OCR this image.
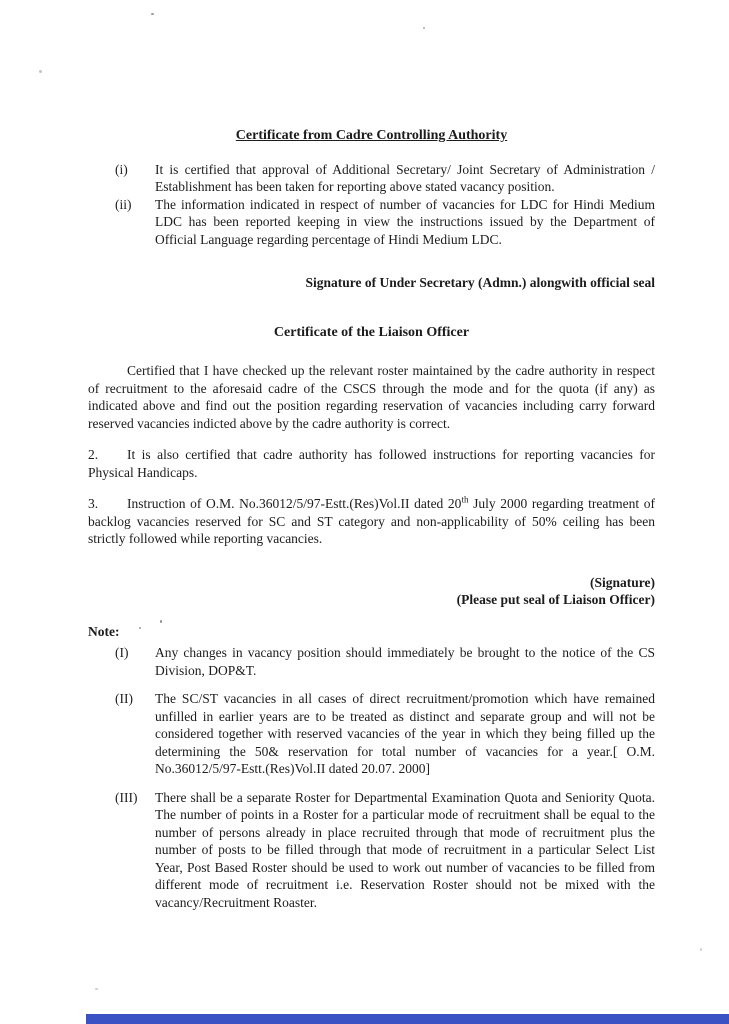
Certificate from Cadre Controlling Authority
(i)	It is certified that approval of Additional Secretary/ Joint Secretary of Administration / Establishment has been taken for reporting above stated vacancy position.
(ii)	The information indicated in respect of number of vacancies for LDC for Hindi Medium LDC has been reported keeping in view the instructions issued by the Department of Official Language regarding percentage of Hindi Medium LDC.
Signature of Under Secretary (Admn.) alongwith official seal
Certificate of the Liaison Officer

Certified that I have checked up the relevant roster maintained by the cadre authority in respect of recruitment to the aforesaid cadre of the CSCS through the mode and for the quota (if any) as indicated above and find out the position regarding reservation of vacancies including carry forward reserved vacancies indicted above by the cadre authority is correct.

2. It is also certified that cadre authority has followed instructions for reporting vacancies for Physical Handicaps.

3. Instruction of O.M. No.36012/5/97-Estt.(Res)Vol.II dated 20th July 2000 regarding treatment of backlog vacancies reserved for SC and ST category and non-applicability of 50% ceiling has been strictly followed while reporting vacancies.

(Signature)
(Please put seal of Liaison Officer)
Note:
(I)	Any changes in vacancy position should immediately be brought to the notice of the CS Division, DOP&T.
(II)	The SC/ST vacancies in all cases of direct recruitment/promotion which have remained unfilled in earlier years are to be treated as distinct and separate group and will not be considered together with reserved vacancies of the year in which they being filled up the determining the 50& reservation for total number of vacancies for a year.[ O.M. No.36012/5/97-Estt.(Res)Vol.II dated 20.07. 2000]
(III)	There shall be a separate Roster for Departmental Examination Quota and Seniority Quota. The number of points in a Roster for a particular mode of recruitment shall be equal to the number of persons already in place recruited through that mode of recruitment plus the number of posts to be filled through that mode of recruitment in a particular Select List Year, Post Based Roster should be used to work out number of vacancies to be filled from different mode of recruitment i.e. Reservation Roster should not be mixed with the vacancy/Recruitment Roaster.
